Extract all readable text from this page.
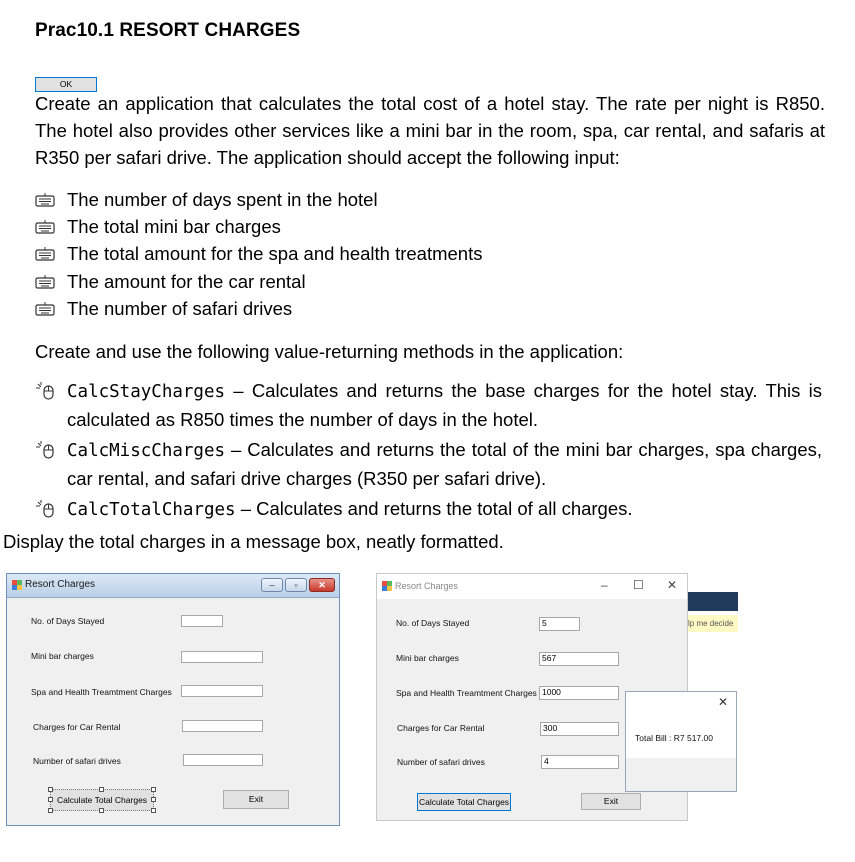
Prac10.1 RESORT CHARGES
Create an application that calculates the total cost of a hotel stay. The rate per night is R850. The hotel also provides other services like a mini bar in the room, spa, car rental, and safaris at R350 per safari drive. The application should accept the following input:
The number of days spent in the hotel
The total mini bar charges
The total amount for the spa and health treatments
The amount for the car rental
The number of safari drives
Create and use the following value-returning methods in the application:
CalcStayCharges – Calculates and returns the base charges for the hotel stay. This is calculated as R850 times the number of days in the hotel.
CalcMiscCharges – Calculates and returns the total of the mini bar charges, spa charges, car rental, and safari drive charges (R350 per safari drive).
CalcTotalCharges – Calculates and returns the total of all charges.
Display the total charges in a message box, neatly formatted.
Resort Charges	–	▫	✕
No. of Days Stayed
Mini bar charges
Spa and Health Treamtment Charges
Charges for Car Rental
Number of safari drives
Calculate Total Charges	Exit
lp me decide
Resort Charges	– ☐ ✕
No. of Days Stayed	5
Mini bar charges	567
Spa and Health Treamtment Charges 1000
Charges for Car Rental	300
Number of safari drives	4
Calculate Total Charges	Exit
✕
Total Bill : R7 517.00
OK
